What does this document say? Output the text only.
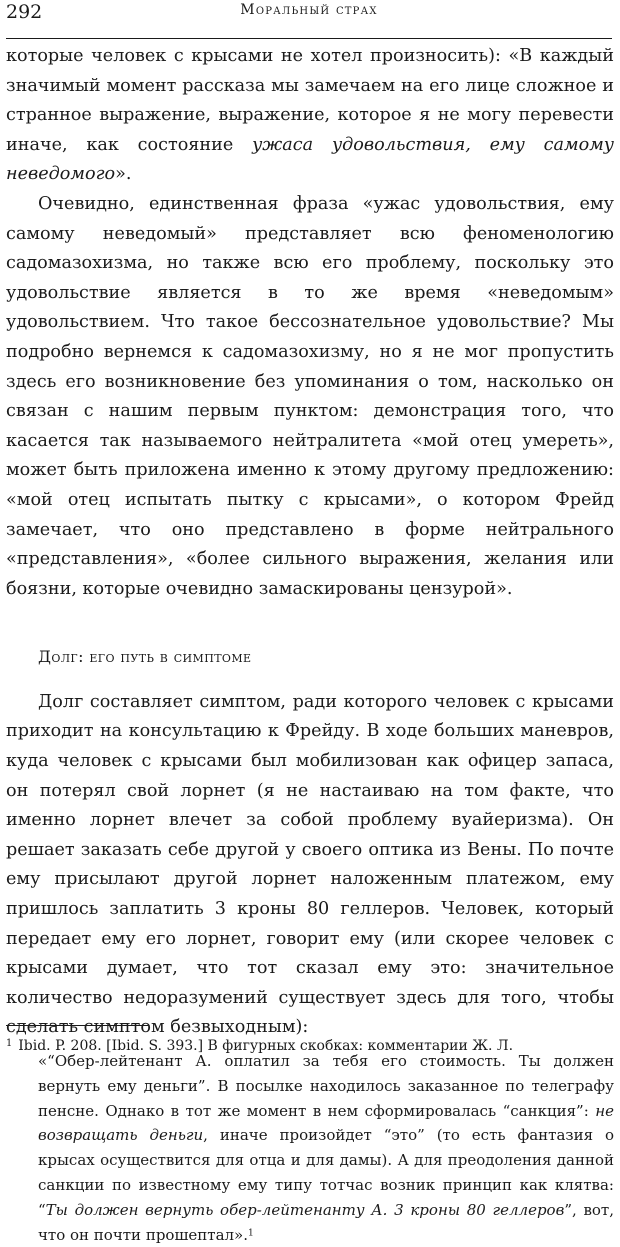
292	Моральный страх

которые человек с крысами не хотел произносить): «В каждый значимый момент рассказа мы замечаем на его лице сложное и странное выражение, выражение, которое я не могу перевести иначе, как состояние ужаса удовольствия, ему самому неведомого».

Очевидно, единственная фраза «ужас удовольствия, ему самому неведомый» представляет всю феноменологию садомазохизма, но также всю его проблему, поскольку это удовольствие является в то же время «неведомым» удовольствием. Что такое бессознательное удовольствие? Мы подробно вернемся к садомазохизму, но я не мог пропустить здесь его возникновение без упоминания о том, насколько он связан с нашим первым пунктом: демонстрация того, что касается так называемого нейтралитета «мой отец умереть», может быть приложена именно к этому другому предложению: «мой отец испытать пытку с крысами», о котором Фрейд замечает, что оно представлено в форме нейтрального «представления», «более сильного выражения, желания или боязни, которые очевидно замаскированы цензурой».

Долг: его путь в симптоме

Долг составляет симптом, ради которого человек с крысами приходит на консультацию к Фрейду. В ходе больших маневров, куда человек с крысами был мобилизован как офицер запаса, он потерял свой лорнет (я не настаиваю на том факте, что именно лорнет влечет за собой проблему вуайеризма). Он решает заказать себе другой у своего оптика из Вены. По почте ему присылают другой лорнет наложенным платежом, ему пришлось заплатить 3 кроны 80 геллеров. Человек, который передает ему его лорнет, говорит ему (или скорее человек с крысами думает, что тот сказал ему это: значительное количество недоразумений существует здесь для того, чтобы сделать симптом безвыходным):

«“Обер-лейтенант А. оплатил за тебя его стоимость. Ты должен вернуть ему деньги”. В посылке находилось заказанное по телеграфу пенсне. Однако в тот же момент в нем сформировалась “санкция”: не возвращать деньги, иначе произойдет “это” (то есть фантазия о крысах осуществится для отца и для дамы). А для преодоления данной санкции по известному ему типу тотчас возник принцип как клятва: “Ты должен вернуть обер-лейтенанту А. 3 кроны 80 геллеров”, вот, что он почти прошептал».$^1$
$^1$ Ibid. P. 208. [Ibid. S. 393.] В фигурных скобках: комментарии Ж. Л.
